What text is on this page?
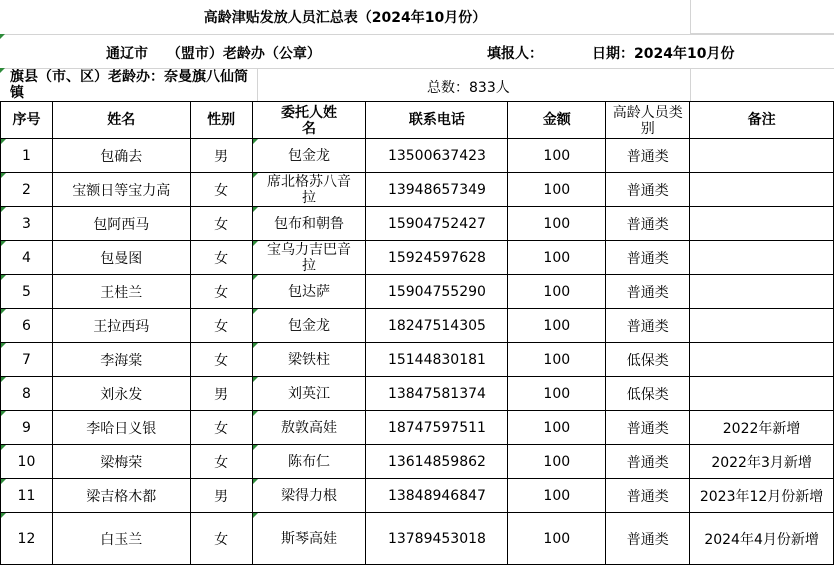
高龄津贴发放人员汇总表（2024年10月份）
通辽市　 （盟市）老龄办（公章）	填报人：	日期：2024年10月份
旗县（市、区）老龄办：奈曼旗八仙筒镇	总数：833人
序号	姓名	性别	委托人姓名	联系电话	金额	高龄人员类别	备注

1	包确去	男	包金龙	13500637423	100	普通类	

2	宝额日等宝力高	女	席北格苏八音拉	13948657349	100	普通类	

3	包阿西马	女	包布和朝鲁	15904752427	100	普通类	

4	包曼图	女	宝乌力吉巴音拉	15924597628	100	普通类	

5	王桂兰	女	包达萨	15904755290	100	普通类	

6	王拉西玛	女	包金龙	18247514305	100	普通类	

7	李海棠	女	梁铁柱	15144830181	100	低保类	

8	刘永发	男	刘英江	13847581374	100	低保类	

9	李哈日义银	女	敖敦高娃	18747597511	100	普通类	2022年新增

10	梁梅荣	女	陈布仁	13614859862	100	普通类	2022年3月新增

11	梁吉格木都	男	梁得力根	13848946847	100	普通类	2023年12月份新增

12	白玉兰	女	斯琴高娃	13789453018	100	普通类	2024年4月份新增
